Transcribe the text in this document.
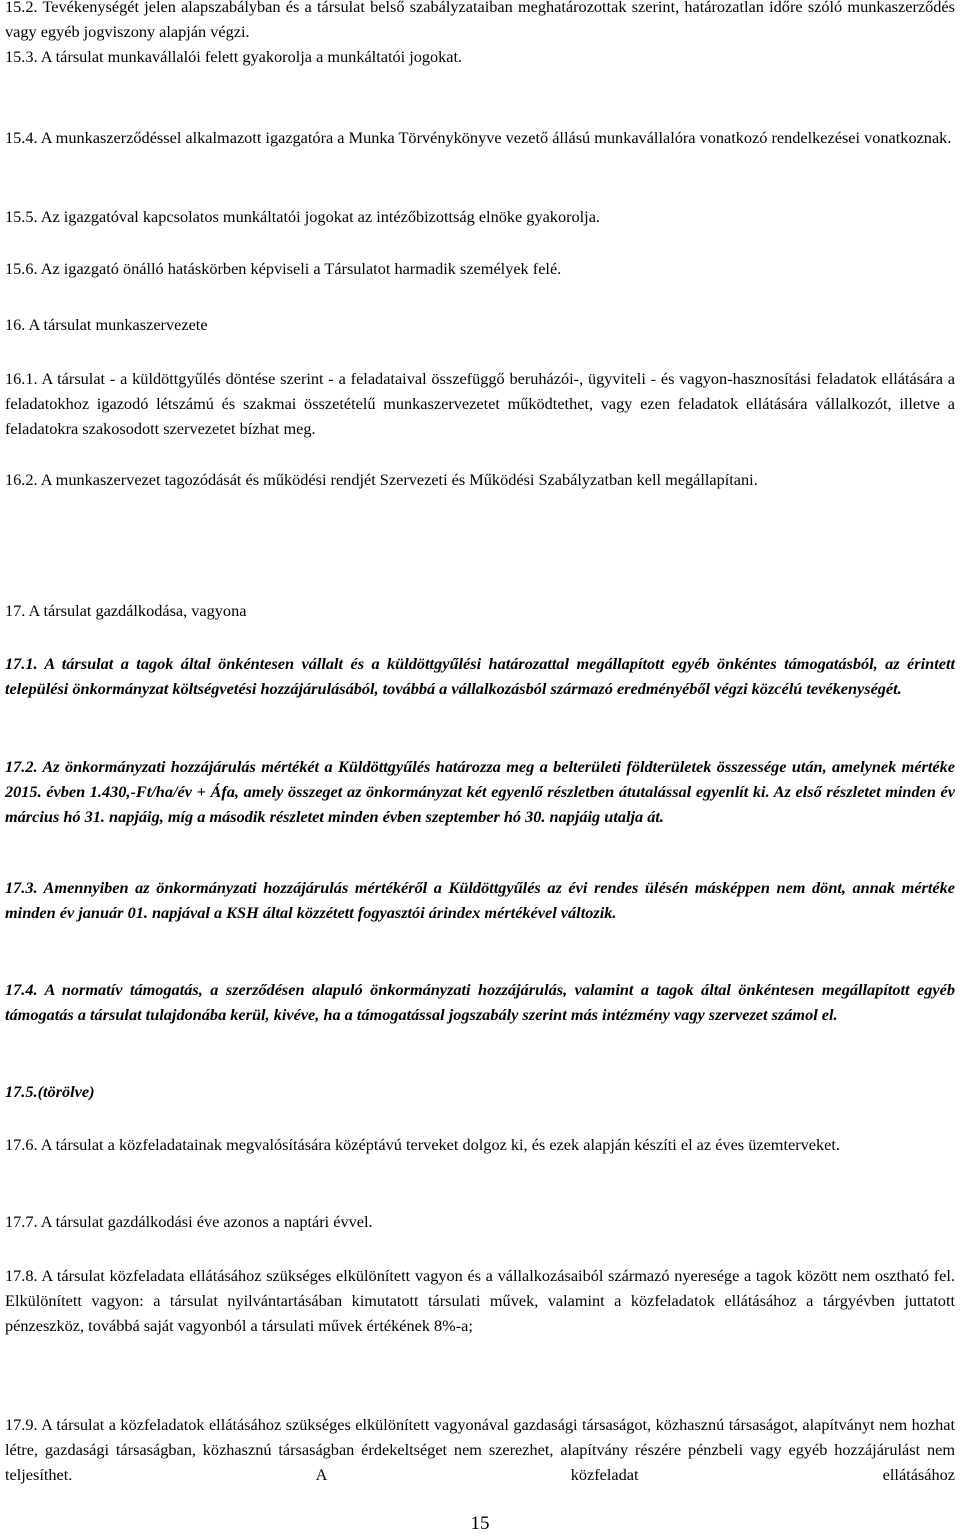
15.2. Tevékenységét jelen alapszabályban és a társulat belső szabályzataiban meghatározottak szerint, határozatlan időre szóló munkaszerződés vagy egyéb jogviszony alapján végzi.

15.3. A társulat munkavállalói felett gyakorolja a munkáltatói jogokat.

15.4. A munkaszerződéssel alkalmazott igazgatóra a Munka Törvénykönyve vezető állású munkavállalóra vonatkozó rendelkezései vonatkoznak.

15.5. Az igazgatóval kapcsolatos munkáltatói jogokat az intézőbizottság elnöke gyakorolja.

15.6. Az igazgató önálló hatáskörben képviseli a Társulatot harmadik személyek felé.

16. A társulat munkaszervezete

16.1. A társulat - a küldöttgyűlés döntése szerint - a feladataival összefüggő beruházói-, ügyviteli - és vagyon-hasznosítási feladatok ellátására a feladatokhoz igazodó létszámú és szakmai összetételű munkaszervezetet működtethet, vagy ezen feladatok ellátására vállalkozót, illetve a feladatokra szakosodott szervezetet bízhat meg.

16.2. A munkaszervezet tagozódását és működési rendjét Szervezeti és Működési Szabályzatban kell megállapítani.

17. A társulat gazdálkodása, vagyona

17.1. A társulat a tagok által önkéntesen vállalt és a küldöttgyűlési határozattal megállapított egyéb önkéntes támogatásból, az érintett települési önkormányzat költségvetési hozzájárulásából, továbbá a vállalkozásból származó eredményéből végzi közcélú tevékenységét.

17.2. Az önkormányzati hozzájárulás mértékét a Küldöttgyűlés határozza meg a belterületi földterületek összessége után, amelynek mértéke 2015. évben 1.430,-Ft/ha/év + Áfa, amely összeget az önkormányzat két egyenlő részletben átutalással egyenlít ki. Az első részletet minden év március hó 31. napjáig, míg a második részletet minden évben szeptember hó 30. napjáig utalja át.

17.3. Amennyiben az önkormányzati hozzájárulás mértékéről a Küldöttgyűlés az évi rendes ülésén másképpen nem dönt, annak mértéke minden év január 01. napjával a KSH által közzétett fogyasztói árindex mértékével változik.

17.4. A normatív támogatás, a szerződésen alapuló önkormányzati hozzájárulás, valamint a tagok által önkéntesen megállapított egyéb támogatás a társulat tulajdonába kerül, kivéve, ha a támogatással jogszabály szerint más intézmény vagy szervezet számol el.

17.5.(törölve)

17.6. A társulat a közfeladatainak megvalósítására középtávú terveket dolgoz ki, és ezek alapján készíti el az éves üzemterveket.

17.7. A társulat gazdálkodási éve azonos a naptári évvel.

17.8. A társulat közfeladata ellátásához szükséges elkülönített vagyon és a vállalkozásaiból származó nyeresége a tagok között nem osztható fel. Elkülönített vagyon: a társulat nyilvántartásában kimutatott társulati művek, valamint a közfeladatok ellátásához a tárgyévben juttatott pénzeszköz, továbbá saját vagyonból a társulati művek értékének 8%-a;

17.9. A társulat a közfeladatok ellátásához szükséges elkülönített vagyonával gazdasági társaságot, közhasznú társaságot, alapítványt nem hozhat létre, gazdasági társaságban, közhasznú társaságban érdekeltséget nem szerezhet, alapítvány részére pénzbeli vagy egyéb hozzájárulást nem teljesíthet. A közfeladat ellátásához

15
